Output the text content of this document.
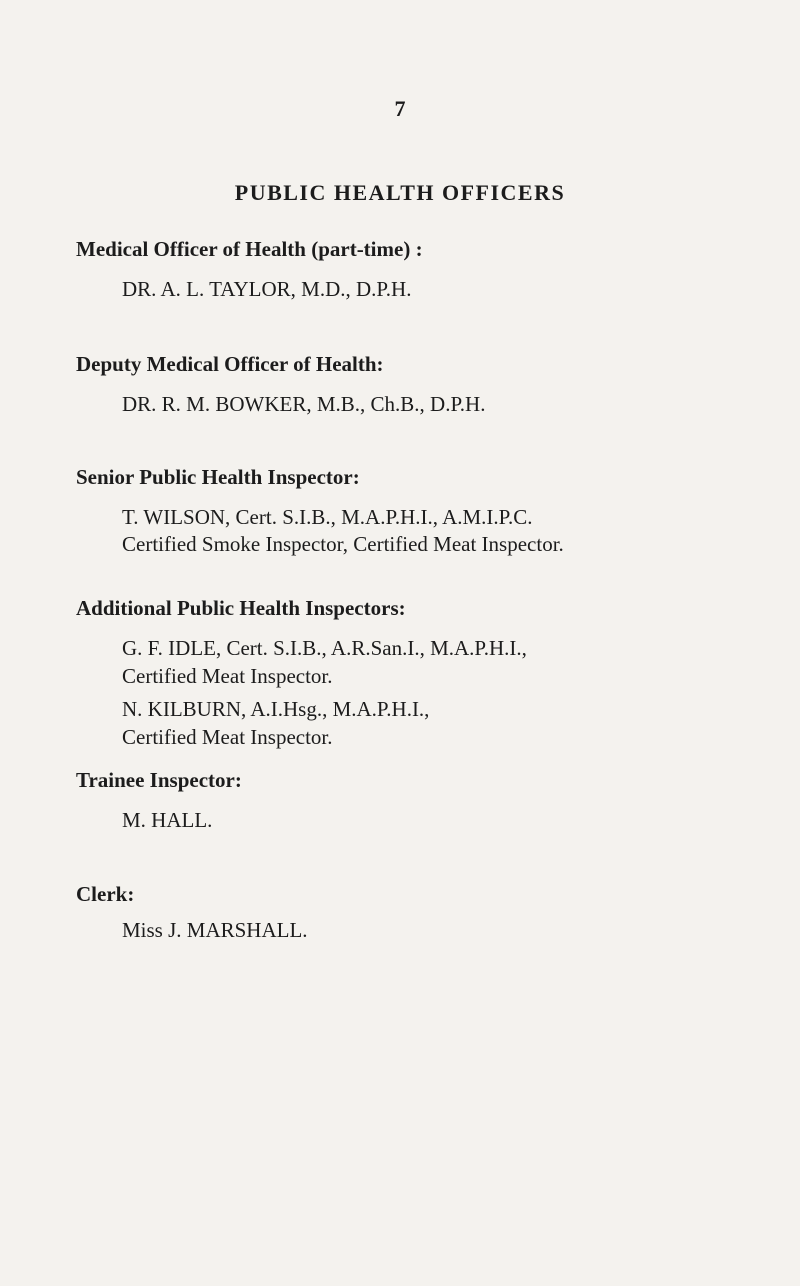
7
PUBLIC HEALTH OFFICERS
Medical Officer of Health (part-time) :
DR. A. L. TAYLOR, M.D., D.P.H.
Deputy Medical Officer of Health:
DR. R. M. BOWKER, M.B., Ch.B., D.P.H.
Senior Public Health Inspector:
T. WILSON, Cert. S.I.B., M.A.P.H.I., A.M.I.P.C.
Certified Smoke Inspector, Certified Meat Inspector.
Additional Public Health Inspectors:
G. F. IDLE, Cert. S.I.B., A.R.San.I., M.A.P.H.I.,
Certified Meat Inspector.
N. KILBURN, A.I.Hsg., M.A.P.H.I.,
Certified Meat Inspector.
Trainee Inspector:
M. HALL.
Clerk:
Miss J. MARSHALL.
